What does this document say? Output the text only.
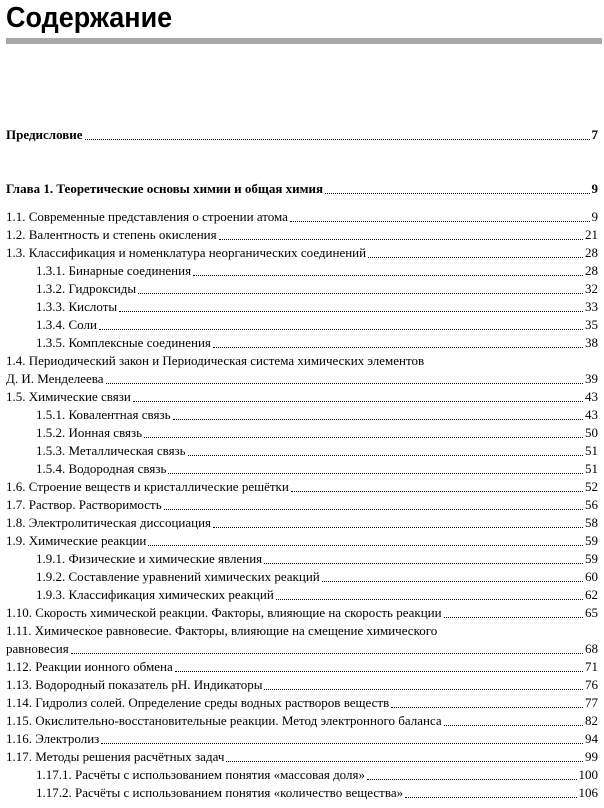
Содержание
Предисловие	7
Глава 1. Теоретические основы химии и общая химия	9
1.1. Современные представления о строении атома	9
1.2. Валентность и степень окисления	21
1.3. Классификация и номенклатура неорганических соединений	28
1.3.1. Бинарные соединения	28
1.3.2. Гидроксиды	32
1.3.3. Кислоты	33
1.3.4. Соли	35
1.3.5. Комплексные соединения	38
1.4. Периодический закон и Периодическая система химических элементов
Д. И. Менделеева	39
1.5. Химические связи	43
1.5.1. Ковалентная связь	43
1.5.2. Ионная связь	50
1.5.3. Металлическая связь	51
1.5.4. Водородная связь	51
1.6. Строение веществ и кристаллические решётки	52
1.7. Раствор. Растворимость	56
1.8. Электролитическая диссоциация	58
1.9. Химические реакции	59
1.9.1. Физические и химические явления	59
1.9.2. Составление уравнений химических реакций	60
1.9.3. Классификация химических реакций	62
1.10. Скорость химической реакции. Факторы, влияющие на скорость реакции	65
1.11. Химическое равновесие. Факторы, влияющие на смещение химического
равновесия	68
1.12. Реакции ионного обмена	71
1.13. Водородный показатель pH. Индикаторы	76
1.14. Гидролиз солей. Определение среды водных растворов веществ	77
1.15. Окислительно-восстановительные реакции. Метод электронного баланса	82
1.16. Электролиз	94
1.17. Методы решения расчётных задач	99
1.17.1. Расчёты с использованием понятия «массовая доля»	100
1.17.2. Расчёты с использованием понятия «количество вещества»	106
